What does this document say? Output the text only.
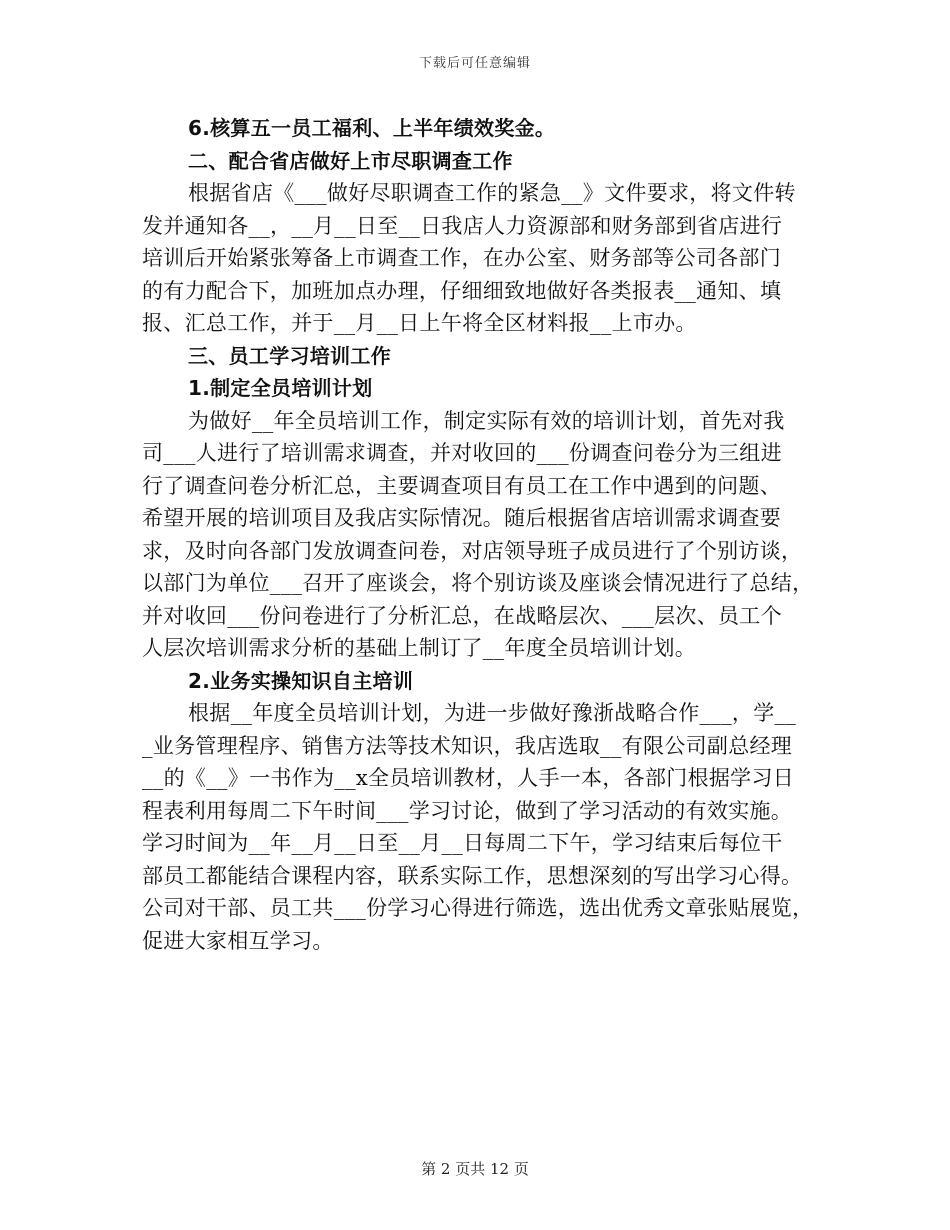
下载后可任意编辑
6.核算五一员工福利、上半年绩效奖金。
二、配合省店做好上市尽职调查工作
根据省店《___做好尽职调查工作的紧急__》文件要求，将文件转
发并通知各__，__月__日至__日我店人力资源部和财务部到省店进行
培训后开始紧张筹备上市调查工作，在办公室、财务部等公司各部门
的有力配合下，加班加点办理，仔细细致地做好各类报表__通知、填
报、汇总工作，并于__月__日上午将全区材料报__上市办。
三、员工学习培训工作
1.制定全员培训计划
为做好__年全员培训工作，制定实际有效的培训计划，首先对我
司___人进行了培训需求调查，并对收回的___份调查问卷分为三组进
行了调查问卷分析汇总，主要调查项目有员工在工作中遇到的问题、
希望开展的培训项目及我店实际情况。随后根据省店培训需求调查要
求，及时向各部门发放调查问卷，对店领导班子成员进行了个别访谈，
以部门为单位___召开了座谈会，将个别访谈及座谈会情况进行了总结，
并对收回___份问卷进行了分析汇总，在战略层次、___层次、员工个
人层次培训需求分析的基础上制订了__年度全员培训计划。
2.业务实操知识自主培训
根据__年度全员培训计划，为进一步做好豫浙战略合作___，学__
_业务管理程序、销售方法等技术知识，我店选取__有限公司副总经理
__的《__》一书作为__x全员培训教材，人手一本，各部门根据学习日
程表利用每周二下午时间___学习讨论，做到了学习活动的有效实施。
学习时间为__年__月__日至__月__日每周二下午，学习结束后每位干
部员工都能结合课程内容，联系实际工作，思想深刻的写出学习心得。
公司对干部、员工共___份学习心得进行筛选，选出优秀文章张贴展览，
促进大家相互学习。
第 2 页共 12 页
